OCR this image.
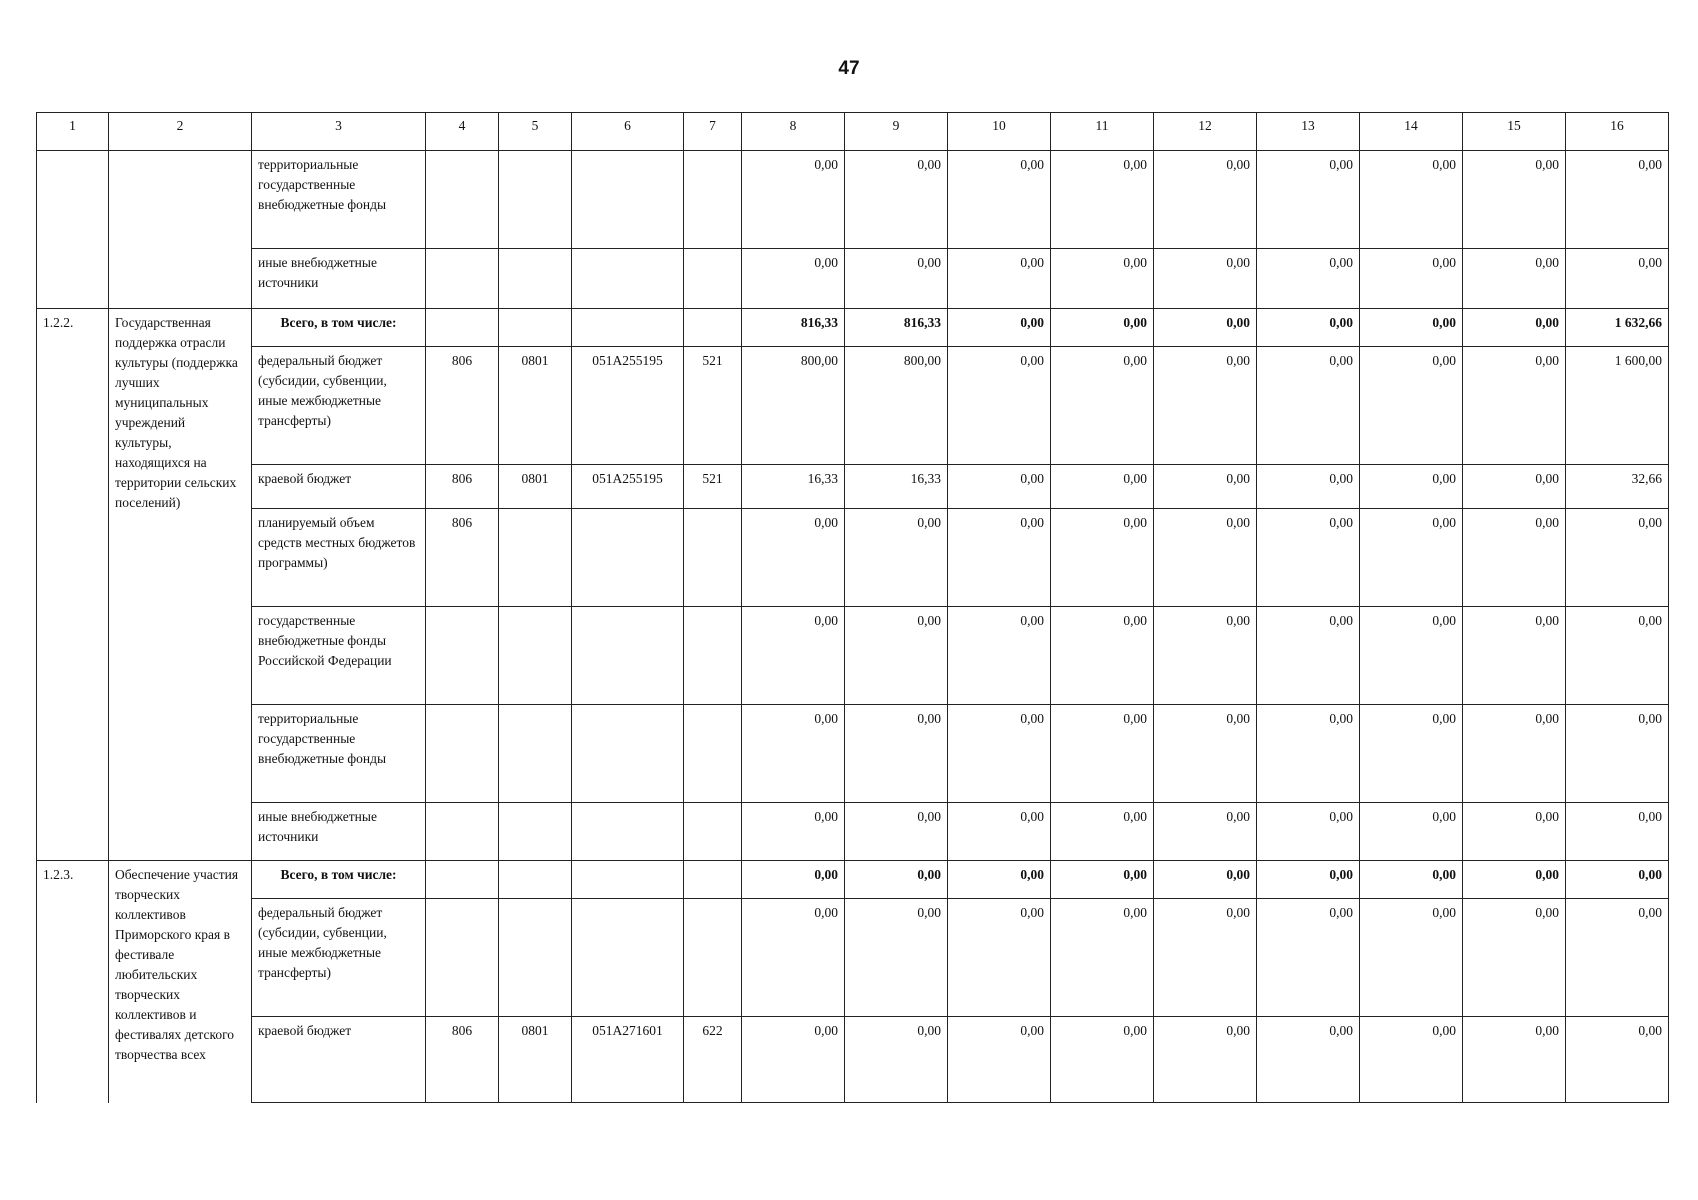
47
1	2	3	4	5	6	7	8	9	10	11	12	13	14	15	16
		территориальные государственные внебюджетные фонды					0,00	0,00	0,00	0,00	0,00	0,00	0,00	0,00	0,00
		иные внебюджетные источники					0,00	0,00	0,00	0,00	0,00	0,00	0,00	0,00	0,00
1.2.2.	Государственная поддержка отрасли культуры (поддержка лучших муниципальных учреждений культуры, находящихся на территории сельских поселений)	Всего, в том числе:					816,33	816,33	0,00	0,00	0,00	0,00	0,00	0,00	1 632,66
		федеральный бюджет (субсидии, субвенции, иные межбюджетные трансферты)	806	0801	051A255195	521	800,00	800,00	0,00	0,00	0,00	0,00	0,00	0,00	1 600,00
		краевой бюджет	806	0801	051A255195	521	16,33	16,33	0,00	0,00	0,00	0,00	0,00	0,00	32,66
		планируемый объем средств местных бюджетов программы)	806				0,00	0,00	0,00	0,00	0,00	0,00	0,00	0,00	0,00
		государственные внебюджетные фонды Российской Федерации					0,00	0,00	0,00	0,00	0,00	0,00	0,00	0,00	0,00
		территориальные государственные внебюджетные фонды					0,00	0,00	0,00	0,00	0,00	0,00	0,00	0,00	0,00
		иные внебюджетные источники					0,00	0,00	0,00	0,00	0,00	0,00	0,00	0,00	0,00
1.2.3.	Обеспечение участия творческих коллективов Приморского края в фестивале любительских творческих коллективов и фестивалях детского творчества всех	Всего, в том числе:					0,00	0,00	0,00	0,00	0,00	0,00	0,00	0,00	0,00
		федеральный бюджет (субсидии, субвенции, иные межбюджетные трансферты)					0,00	0,00	0,00	0,00	0,00	0,00	0,00	0,00	0,00
		краевой бюджет	806	0801	051A271601	622	0,00	0,00	0,00	0,00	0,00	0,00	0,00	0,00	0,00
